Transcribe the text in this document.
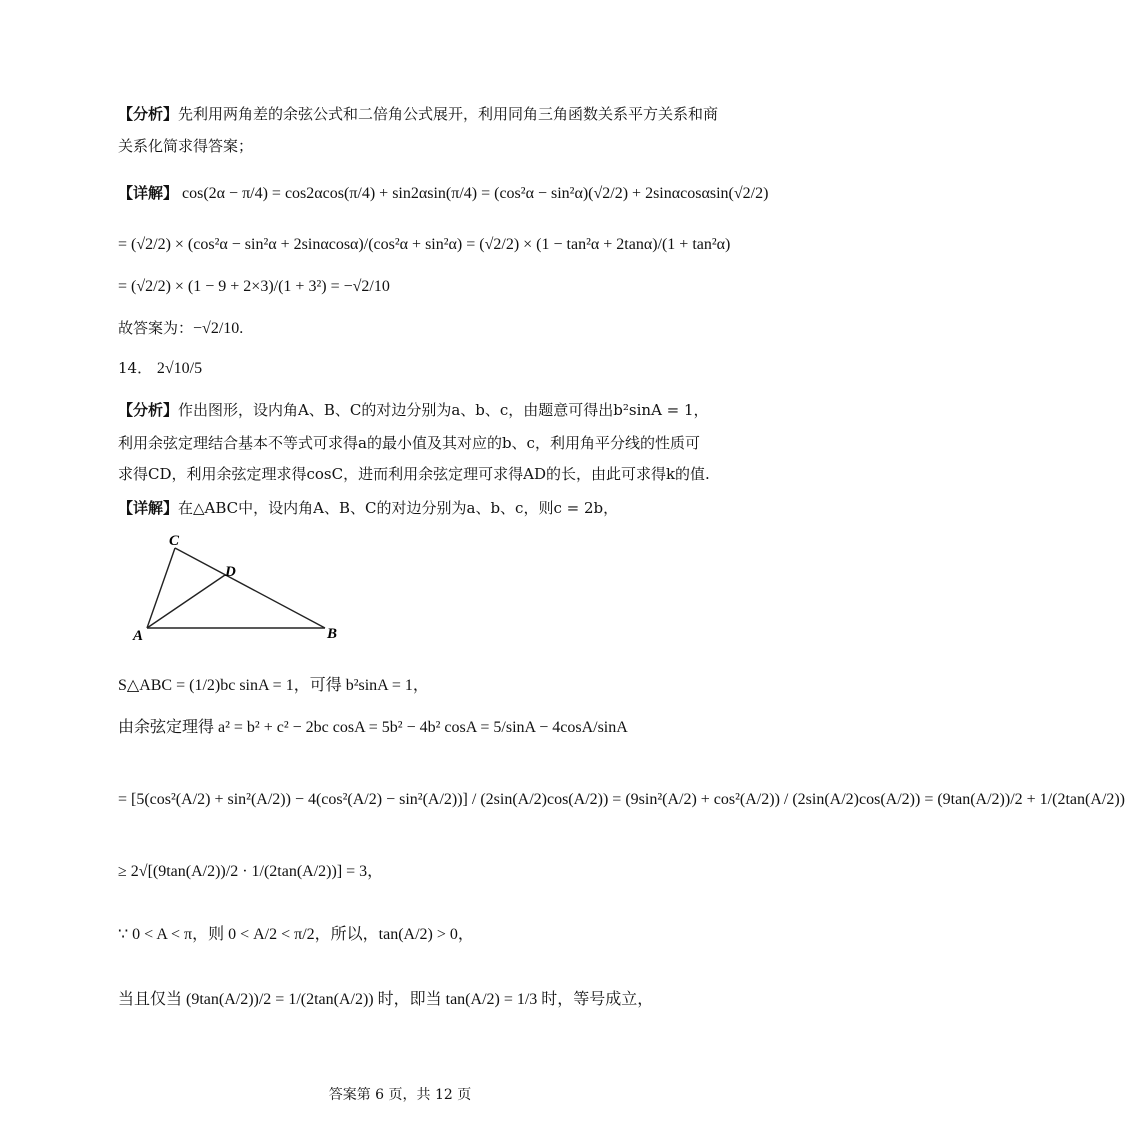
【分析】先利用两角差的余弦公式和二倍角公式展开，利用同角三角函数关系平方关系和商
关系化简求得答案；
【详解】 cos(2α − π/4) = cos2αcos(π/4) + sin2αsin(π/4) = (cos²α − sin²α)(√2/2) + 2sinαcosαsin(√2/2)
= (√2/2) × (cos²α − sin²α + 2sinαcosα)/(cos²α + sin²α) = (√2/2) × (1 − tan²α + 2tanα)/(1 + tan²α)
= (√2/2) × (1 − 9 + 2×3)/(1 + 3²) = −√2/10
故答案为：−√2/10.
14． 2√10/5
【分析】作出图形，设内角A、B、C的对边分别为a、b、c，由题意可得出b²sinA = 1，
利用余弦定理结合基本不等式可求得a的最小值及其对应的b、c，利用角平分线的性质可
求得CD，利用余弦定理求得cosC，进而利用余弦定理可求得AD的长，由此可求得k的值.
【详解】在△ABC中，设内角A、B、C的对边分别为a、b、c，则c = 2b，
C
D
A	B
S△ABC = (1/2)bc sinA = 1，可得 b²sinA = 1，
由余弦定理得 a² = b² + c² − 2bc cosA = 5b² − 4b² cosA = 5/sinA − 4cosA/sinA
= [5(cos²(A/2) + sin²(A/2)) − 4(cos²(A/2) − sin²(A/2))] / (2sin(A/2)cos(A/2)) = (9sin²(A/2) + cos²(A/2)) / (2sin(A/2)cos(A/2)) = (9tan(A/2))/2 + 1/(2tan(A/2))
≥ 2√[(9tan(A/2))/2 · 1/(2tan(A/2))] = 3，
∵ 0 < A < π，则 0 < A/2 < π/2，所以，tan(A/2) > 0，
当且仅当 (9tan(A/2))/2 = 1/(2tan(A/2)) 时，即当 tan(A/2) = 1/3 时，等号成立，
答案第 6 页，共 12 页
